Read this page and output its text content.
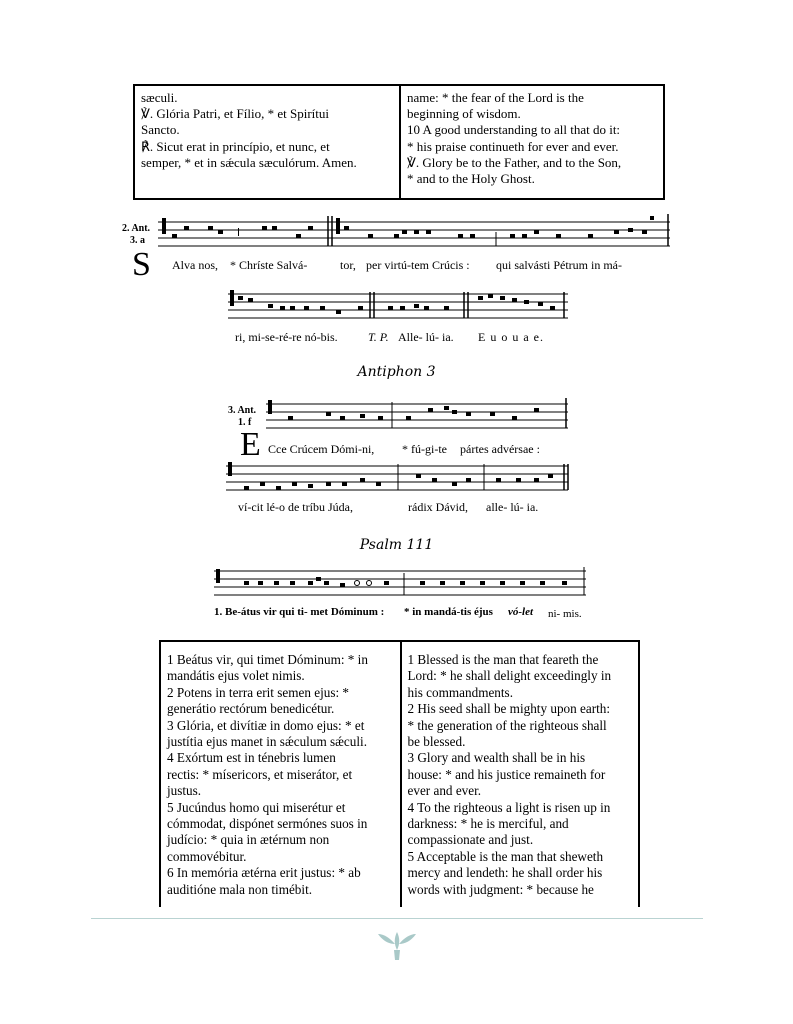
sæculi.
℣. Glória Patri, et Fílio, * et Spirítui
Sancto.
℟. Sicut erat in princípio, et nunc, et
semper, * et in sǽcula sæculórum. Amen.
name: * the fear of the Lord is the
beginning of wisdom.
10 A good understanding to all that do it:
* his praise continueth for ever and ever.
℣. Glory be to the Father, and to the Son,
* and to the Holy Ghost.
2. Ant.
3. a
S Alva nos, * Chríste Salvá-	tor, per virtú-tem Crúcis : qui salvásti Pétrum in má-
ri, mi-se-ré-re nó-bis.	T. P. Alle- lú- ia. E u o u a e.
Antiphon 3
3. Ant.
1. f
E Cce Crúcem Dómi-ni, * fú-gi-te pártes advérsae :
ví-cit lé-o de tríbu Júda,	rádix Dávid, alle- lú- ia.
Psalm 111
1. Be-átus vir qui ti- met Dóminum : * in mandá-tis éjus vó-let ni- mis.
1 Beátus vir, qui timet Dóminum: * in
mandátis ejus volet nimis.
2 Potens in terra erit semen ejus: *
generátio rectórum benedicétur.
3 Glória, et divítiæ in domo ejus: * et
justítia ejus manet in sǽculum sǽculi.
4 Exórtum est in ténebris lumen
rectis: * mísericors, et miserátor, et
justus.
5 Jucúndus homo qui miserétur et
cómmodat, dispónet sermónes suos in
judício: * quia in ætérnum non
commovébitur.
6 In memória ætérna erit justus: * ab
auditióne mala non timébit.
1 Blessed is the man that feareth the
Lord: * he shall delight exceedingly in
his commandments.
2 His seed shall be mighty upon earth:
* the generation of the righteous shall
be blessed.
3 Glory and wealth shall be in his
house: * and his justice remaineth for
ever and ever.
4 To the righteous a light is risen up in
darkness: * he is merciful, and
compassionate and just.
5 Acceptable is the man that sheweth
mercy and lendeth: he shall order his
words with judgment: * because he
